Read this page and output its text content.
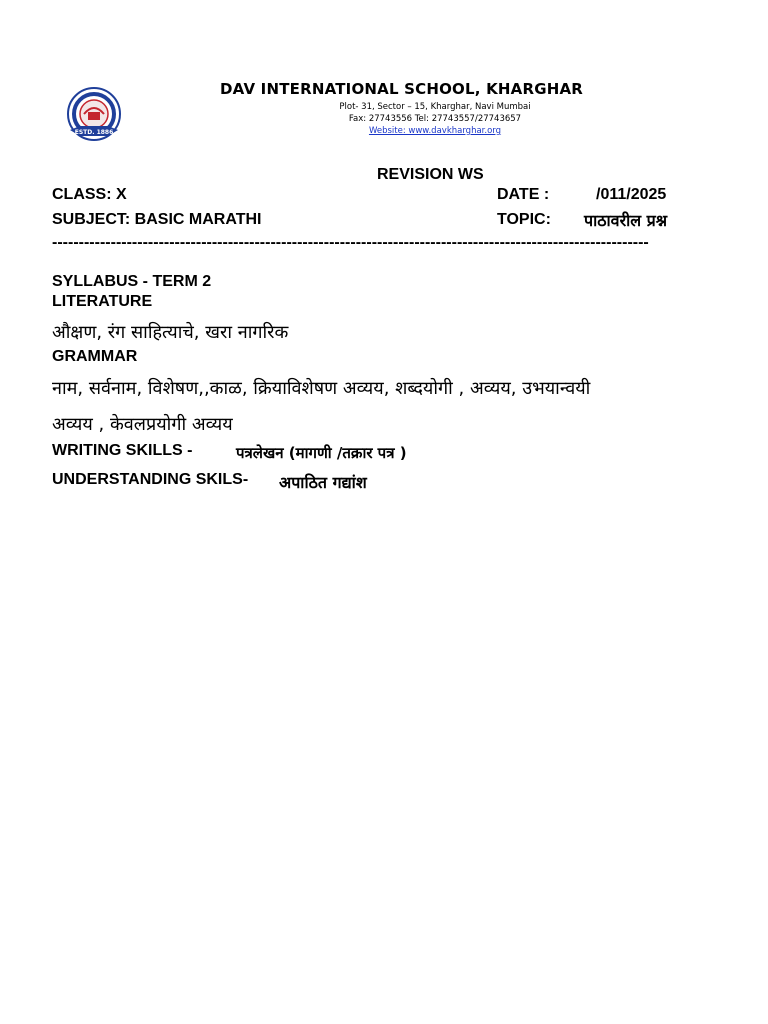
ESTD. 1886
DAV INTERNATIONAL SCHOOL, KHARGHAR
Plot- 31, Sector – 15, Kharghar, Navi Mumbai
Fax: 27743556 Tel: 27743557/27743657
Website: www.davkharghar.org
REVISION WS
CLASS: X	DATE :	/011/2025
SUBJECT: BASIC MARATHI	TOPIC: पाठावरील प्रश्न
----------------------------------------------------------------------------------------------------------------
SYLLABUS - TERM 2
LITERATURE
औक्षण, रंग साहित्याचे, खरा नागरिक
GRAMMAR
नाम, सर्वनाम, विशेषण,,काळ, क्रियाविशेषण अव्यय, शब्दयोगी , अव्यय, उभयान्वयी
अव्यय , केवलप्रयोगी अव्यय
WRITING SKILLS -	पत्रलेखन (मागणी /तक्रार पत्र )
UNDERSTANDING SKILS- अपाठित गद्यांश
